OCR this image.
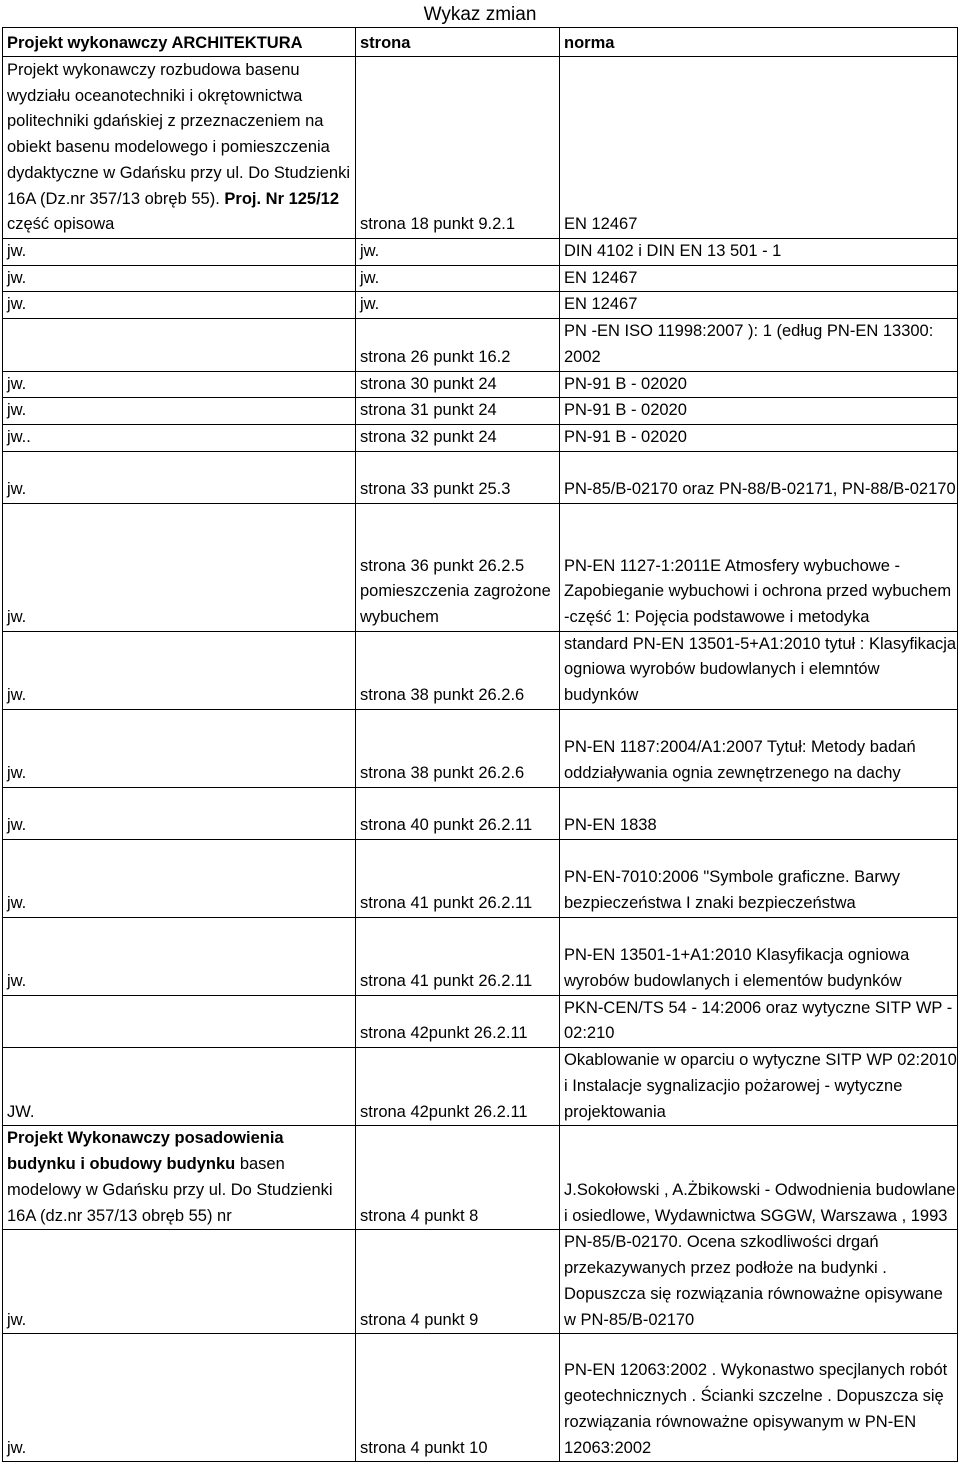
Wykaz zmian
Projekt wykonawczy ARCHITEKTURA	strona	norma
Projekt wykonawczy rozbudowa basenu wydziału oceanotechniki i okrętownictwa politechniki gdańskiej z przeznaczeniem na obiekt basenu modelowego i pomieszczenia dydaktyczne w Gdańsku przy ul. Do Studzienki 16A (Dz.nr 357/13 obręb 55). Proj. Nr 125/12 część opisowa	strona 18 punkt 9.2.1	EN 12467
jw.	jw.	DIN 4102 i DIN EN 13 501 - 1
jw.	jw.	EN 12467
jw.	jw.	EN 12467
	strona 26 punkt 16.2	PN -EN ISO 11998:2007 ): 1 (edług PN-EN 13300: 2002
jw.	strona 30 punkt 24	PN-91 B - 02020
jw.	strona 31 punkt 24	PN-91 B - 02020
jw..	strona 32 punkt 24	PN-91 B - 02020
jw.	strona 33 punkt 25.3	PN-85/B-02170 oraz PN-88/B-02171, PN-88/B-02170
jw.	strona 36 punkt 26.2.5 pomieszczenia zagrożone wybuchem	PN-EN 1127-1:2011E Atmosfery wybuchowe - Zapobieganie wybuchowi i ochrona przed wybuchem -część 1: Pojęcia podstawowe i metodyka
jw.	strona 38 punkt 26.2.6	standard PN-EN 13501-5+A1:2010 tytuł : Klasyfikacja ogniowa wyrobów budowlanych i elemntów budynków
jw.	strona 38 punkt 26.2.6	PN-EN 1187:2004/A1:2007 Tytuł: Metody badań oddziaływania ognia zewnętrzenego na dachy
jw.	strona 40 punkt 26.2.11	PN-EN 1838
jw.	strona 41 punkt 26.2.11	PN-EN-7010:2006 "Symbole graficzne. Barwy bezpieczeństwa I znaki bezpieczeństwa
jw.	strona 41 punkt 26.2.11	PN-EN 13501-1+A1:2010 Klasyfikacja ogniowa wyrobów budowlanych i elementów budynków
	strona 42punkt 26.2.11	PKN-CEN/TS 54 - 14:2006 oraz wytyczne SITP WP - 02:210
JW.	strona 42punkt 26.2.11	Okablowanie w oparciu o wytyczne SITP WP 02:2010 i Instalacje sygnalizacjio pożarowej - wytyczne projektowania
Projekt Wykonawczy posadowienia budynku i obudowy budynku basen modelowy w Gdańsku przy ul. Do Studzienki 16A (dz.nr 357/13 obręb 55) nr	strona 4 punkt 8	J.Sokołowski , A.Żbikowski - Odwodnienia budowlane i osiedlowe, Wydawnictwa SGGW, Warszawa , 1993
jw.	strona 4 punkt 9	PN-85/B-02170. Ocena szkodliwości drgań przekazywanych przez podłoże na budynki . Dopuszcza się rozwiązania równoważne opisywane w PN-85/B-02170
jw.	strona 4 punkt 10	PN-EN 12063:2002 . Wykonastwo specjlanych robót geotechnicznych . Ścianki szczelne . Dopuszcza się rozwiązania równoważne opisywanym w PN-EN 12063:2002
